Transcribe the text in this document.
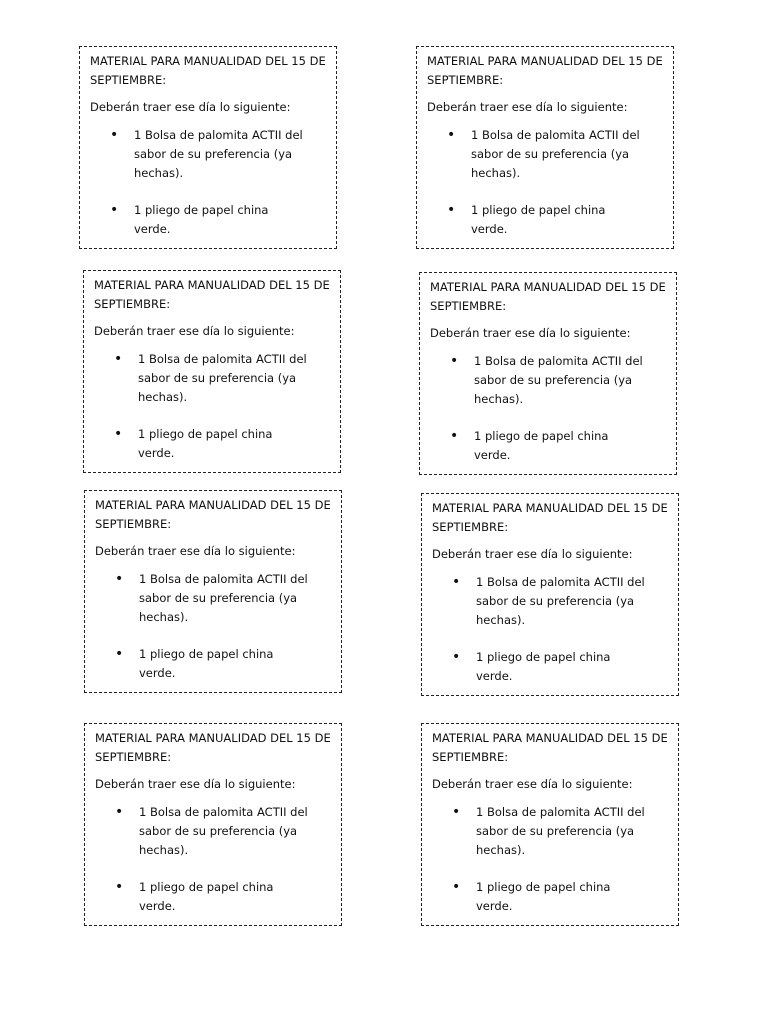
MATERIAL PARA MANUALIDAD DEL 15 DE SEPTIEMBRE:

Deberán traer ese día lo siguiente:

• 1 Bolsa de palomita ACTII del sabor de su preferencia (ya hechas).
• 1 pliego de papel china verde.

MATERIAL PARA MANUALIDAD DEL 15 DE SEPTIEMBRE:

Deberán traer ese día lo siguiente:

• 1 Bolsa de palomita ACTII del sabor de su preferencia (ya hechas).
• 1 pliego de papel china verde.

MATERIAL PARA MANUALIDAD DEL 15 DE SEPTIEMBRE:

Deberán traer ese día lo siguiente:

• 1 Bolsa de palomita ACTII del sabor de su preferencia (ya hechas).
• 1 pliego de papel china verde.

MATERIAL PARA MANUALIDAD DEL 15 DE SEPTIEMBRE:

Deberán traer ese día lo siguiente:

• 1 Bolsa de palomita ACTII del sabor de su preferencia (ya hechas).
• 1 pliego de papel china verde.

MATERIAL PARA MANUALIDAD DEL 15 DE SEPTIEMBRE:

Deberán traer ese día lo siguiente:

• 1 Bolsa de palomita ACTII del sabor de su preferencia (ya hechas).
• 1 pliego de papel china verde.

MATERIAL PARA MANUALIDAD DEL 15 DE SEPTIEMBRE:

Deberán traer ese día lo siguiente:

• 1 Bolsa de palomita ACTII del sabor de su preferencia (ya hechas).
• 1 pliego de papel china verde.

MATERIAL PARA MANUALIDAD DEL 15 DE SEPTIEMBRE:

Deberán traer ese día lo siguiente:

• 1 Bolsa de palomita ACTII del sabor de su preferencia (ya hechas).
• 1 pliego de papel china verde.

MATERIAL PARA MANUALIDAD DEL 15 DE SEPTIEMBRE:

Deberán traer ese día lo siguiente:

• 1 Bolsa de palomita ACTII del sabor de su preferencia (ya hechas).
• 1 pliego de papel china verde.
